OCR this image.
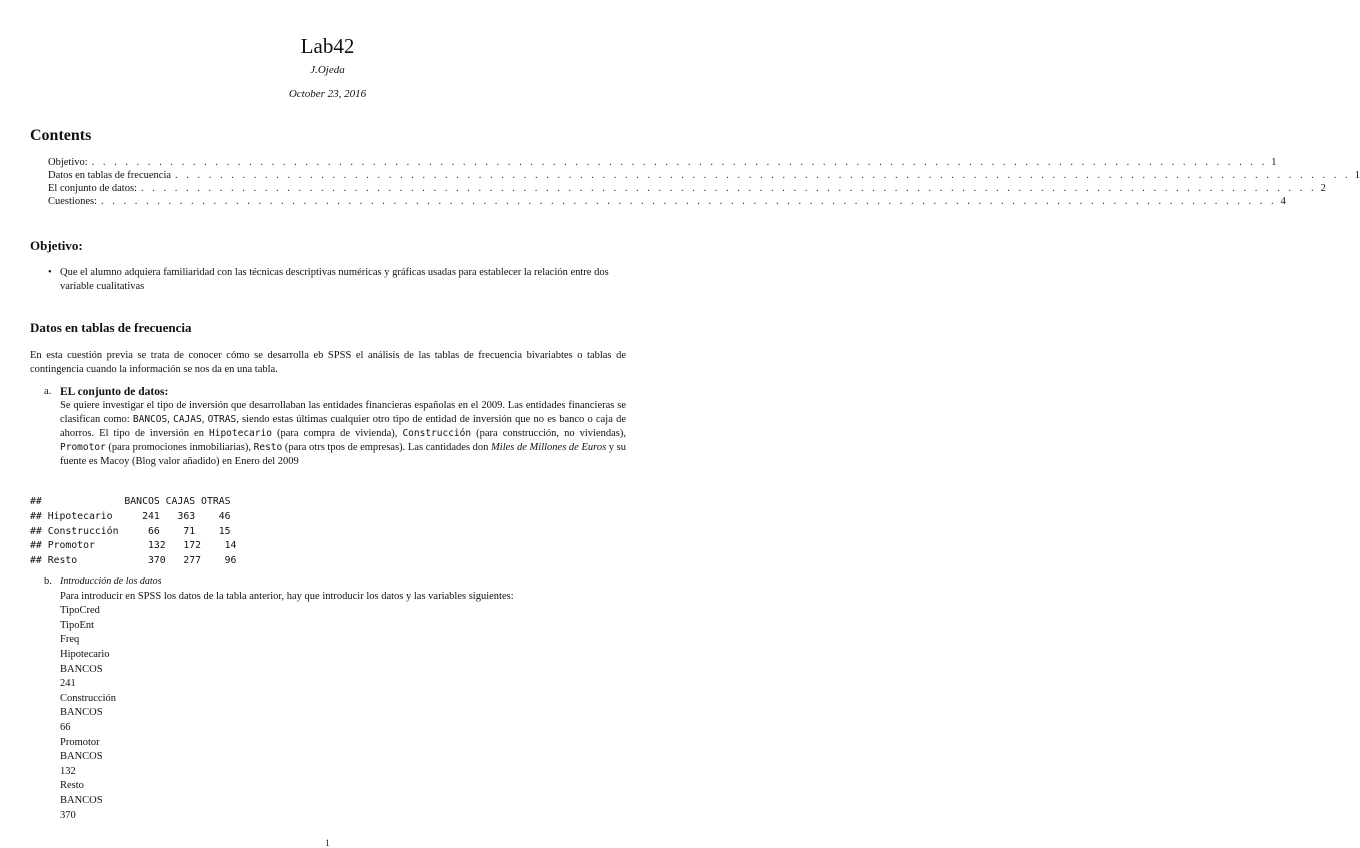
Lab42
J.Ojeda
October 23, 2016
Contents
Objetivo: . . . . . . . . . . . . . . . . . . . . . . . . . . . . . . . . . . . . . . . . . . . . . . . . . . . . . . . . . . . . . . . . . . . . . . . . . . . . . . . . . . . . . . . . . . . . . . . . . . . . . . . . . 1
Datos en tablas de frecuencia . . . . . . . . . . . . . . . . . . . . . . . . . . . . . . . . . . . . . . . . . . . . . . . . . . . . . . . . . . . . . . . . . . . . . . . . . . . . . . . . . . . . . . . . . . . . . . . . . . . . . . . . . 1
El conjunto de datos: . . . . . . . . . . . . . . . . . . . . . . . . . . . . . . . . . . . . . . . . . . . . . . . . . . . . . . . . . . . . . . . . . . . . . . . . . . . . . . . . . . . . . . . . . . . . . . . . . . . . . . . . . 2
Cuestiones: . . . . . . . . . . . . . . . . . . . . . . . . . . . . . . . . . . . . . . . . . . . . . . . . . . . . . . . . . . . . . . . . . . . . . . . . . . . . . . . . . . . . . . . . . . . . . . . . . . . . . . . . . 4
Objetivo:
• Que el alumno adquiera familiaridad con las técnicas descriptivas numéricas y gráficas usadas para establecer la relación entre dos variable cualitativas
Datos en tablas de frecuencia
En esta cuestión previa se trata de conocer cómo se desarrolla eb SPSS el análisis de las tablas de frecuencia bivariabtes o tablas de contingencia cuando la información se nos da en una tabla.
a. EL conjunto de datos:
Se quiere investigar el tipo de inversión que desarrollaban las entidades financieras españolas en el 2009. Las entidades financieras se clasifican como: BANCOS, CAJAS, OTRAS, siendo estas últimas cualquier otro tipo de entidad de inversión que no es banco o caja de ahorros. El tipo de inversión en Hipotecario (para compra de vivienda), Construcción (para construcción, no viviendas), Promotor (para promociones inmobiliarias), Resto (para otrs tpos de empresas). Las cantidades don Miles de Millones de Euros y su fuente es Macoy (Blog valor añadido) en Enero del 2009
##              BANCOS CAJAS OTRAS
## Hipotecario     241   363    46
## Construcción     66    71    15
## Promotor         132   172    14
## Resto            370   277    96
b. Introducción de los datos
Para introducir en SPSS los datos de la tabla anterior, hay que introducir los datos y las variables siguientes:
TipoCred
TipoEnt
Freq
Hipotecario
BANCOS
241
Construcción
BANCOS
66
Promotor
BANCOS
132
Resto
BANCOS
370
1
